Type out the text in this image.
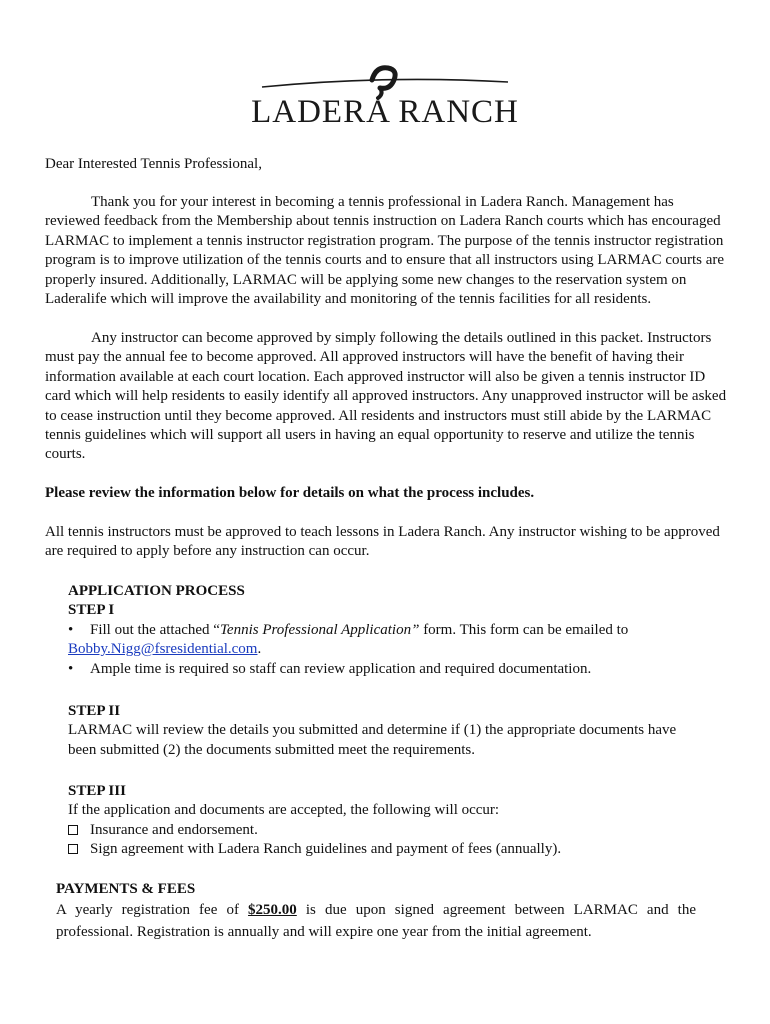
LADERA RANCH

Dear Interested Tennis Professional,

Thank you for your interest in becoming a tennis professional in Ladera Ranch. Management has reviewed feedback from the Membership about tennis instruction on Ladera Ranch courts which has encouraged LARMAC to implement a tennis instructor registration program. The purpose of the tennis instructor registration program is to improve utilization of the tennis courts and to ensure that all instructors using LARMAC courts are properly insured. Additionally, LARMAC will be applying some new changes to the reservation system on Laderalife which will improve the availability and monitoring of the tennis facilities for all residents.

Any instructor can become approved by simply following the details outlined in this packet. Instructors must pay the annual fee to become approved. All approved instructors will have the benefit of having their information available at each court location. Each approved instructor will also be given a tennis instructor ID card which will help residents to easily identify all approved instructors. Any unapproved instructor will be asked to cease instruction until they become approved. All residents and instructors must still abide by the LARMAC tennis guidelines which will support all users in having an equal opportunity to reserve and utilize the tennis courts.

Please review the information below for details on what the process includes.

All tennis instructors must be approved to teach lessons in Ladera Ranch. Any instructor wishing to be approved are required to apply before any instruction can occur.

APPLICATION PROCESS
STEP I
• Fill out the attached “Tennis Professional Application” form. This form can be emailed to
Bobby.Nigg@fsresidential.com.
• Ample time is required so staff can review application and required documentation.
STEP II
LARMAC will review the details you submitted and determine if (1) the appropriate documents have been submitted (2) the documents submitted meet the requirements.
STEP III
If the application and documents are accepted, the following will occur:
Insurance and endorsement.
Sign agreement with Ladera Ranch guidelines and payment of fees (annually).
PAYMENTS & FEES
A yearly registration fee of $250.00 is due upon signed agreement between LARMAC and the professional. Registration is annually and will expire one year from the initial agreement.
